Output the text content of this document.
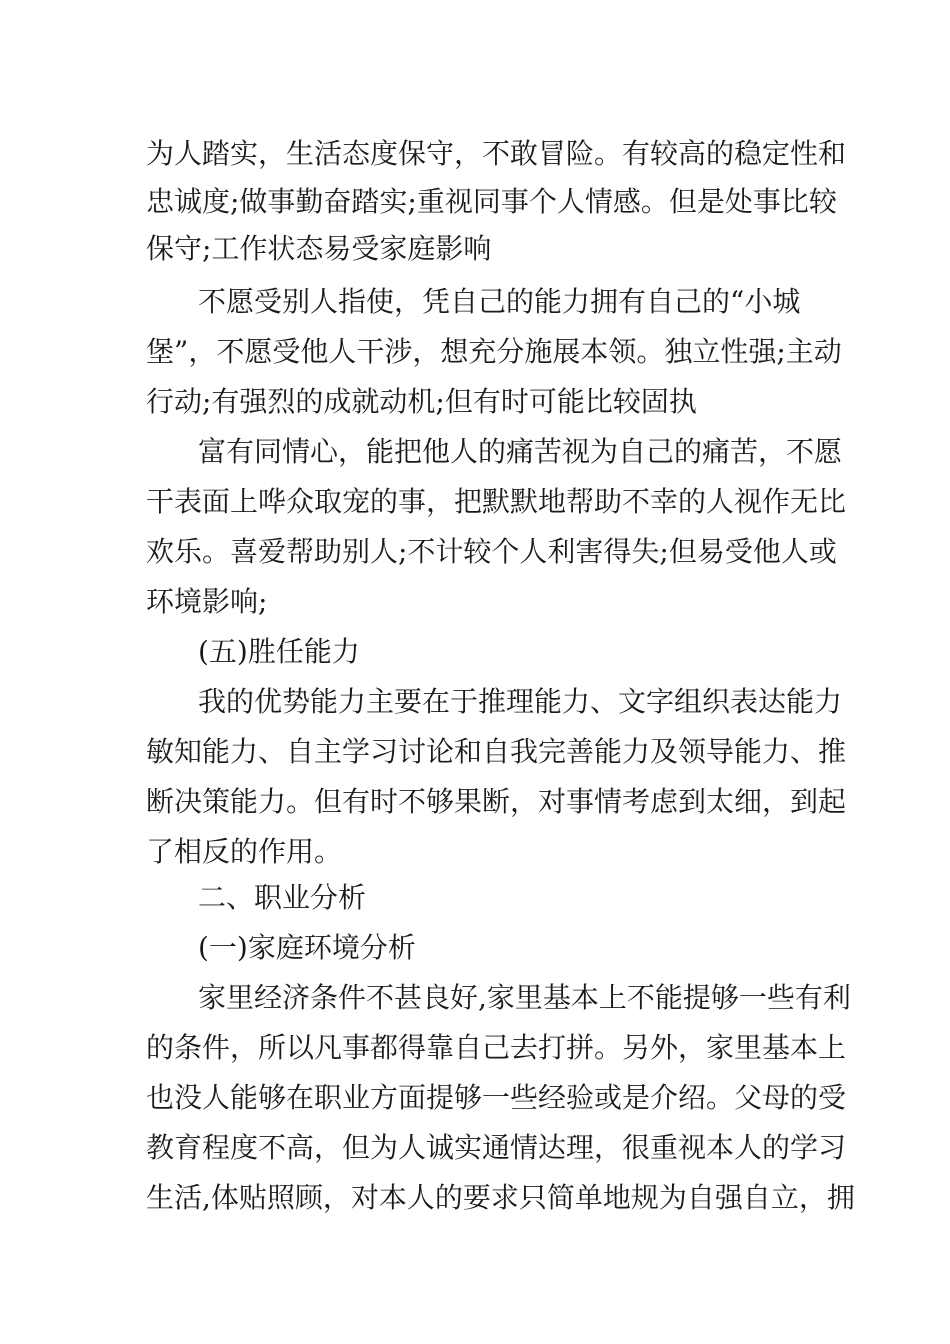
为人踏实，生活态度保守，不敢冒险。有较高的稳定性和
忠诚度;做事勤奋踏实;重视同事个人情感。但是处事比较
保守;工作状态易受家庭影响
不愿受别人指使，凭自己的能力拥有自己的“小城
堡”，不愿受他人干涉，想充分施展本领。独立性强;主动
行动;有强烈的成就动机;但有时可能比较固执
富有同情心，能把他人的痛苦视为自己的痛苦，不愿
干表面上哗众取宠的事，把默默地帮助不幸的人视作无比
欢乐。喜爱帮助别人;不计较个人利害得失;但易受他人或
环境影响;
(五)胜任能力
我的优势能力主要在于推理能力、文字组织表达能力
敏知能力、自主学习讨论和自我完善能力及领导能力、推
断决策能力。但有时不够果断，对事情考虑到太细，到起
了相反的作用。
二、职业分析
(一)家庭环境分析
家里经济条件不甚良好,家里基本上不能提够一些有利
的条件，所以凡事都得靠自己去打拼。另外，家里基本上
也没人能够在职业方面提够一些经验或是介绍。父母的受
教育程度不高，但为人诚实通情达理，很重视本人的学习
生活,体贴照顾，对本人的要求只简单地规为自强自立，拥
